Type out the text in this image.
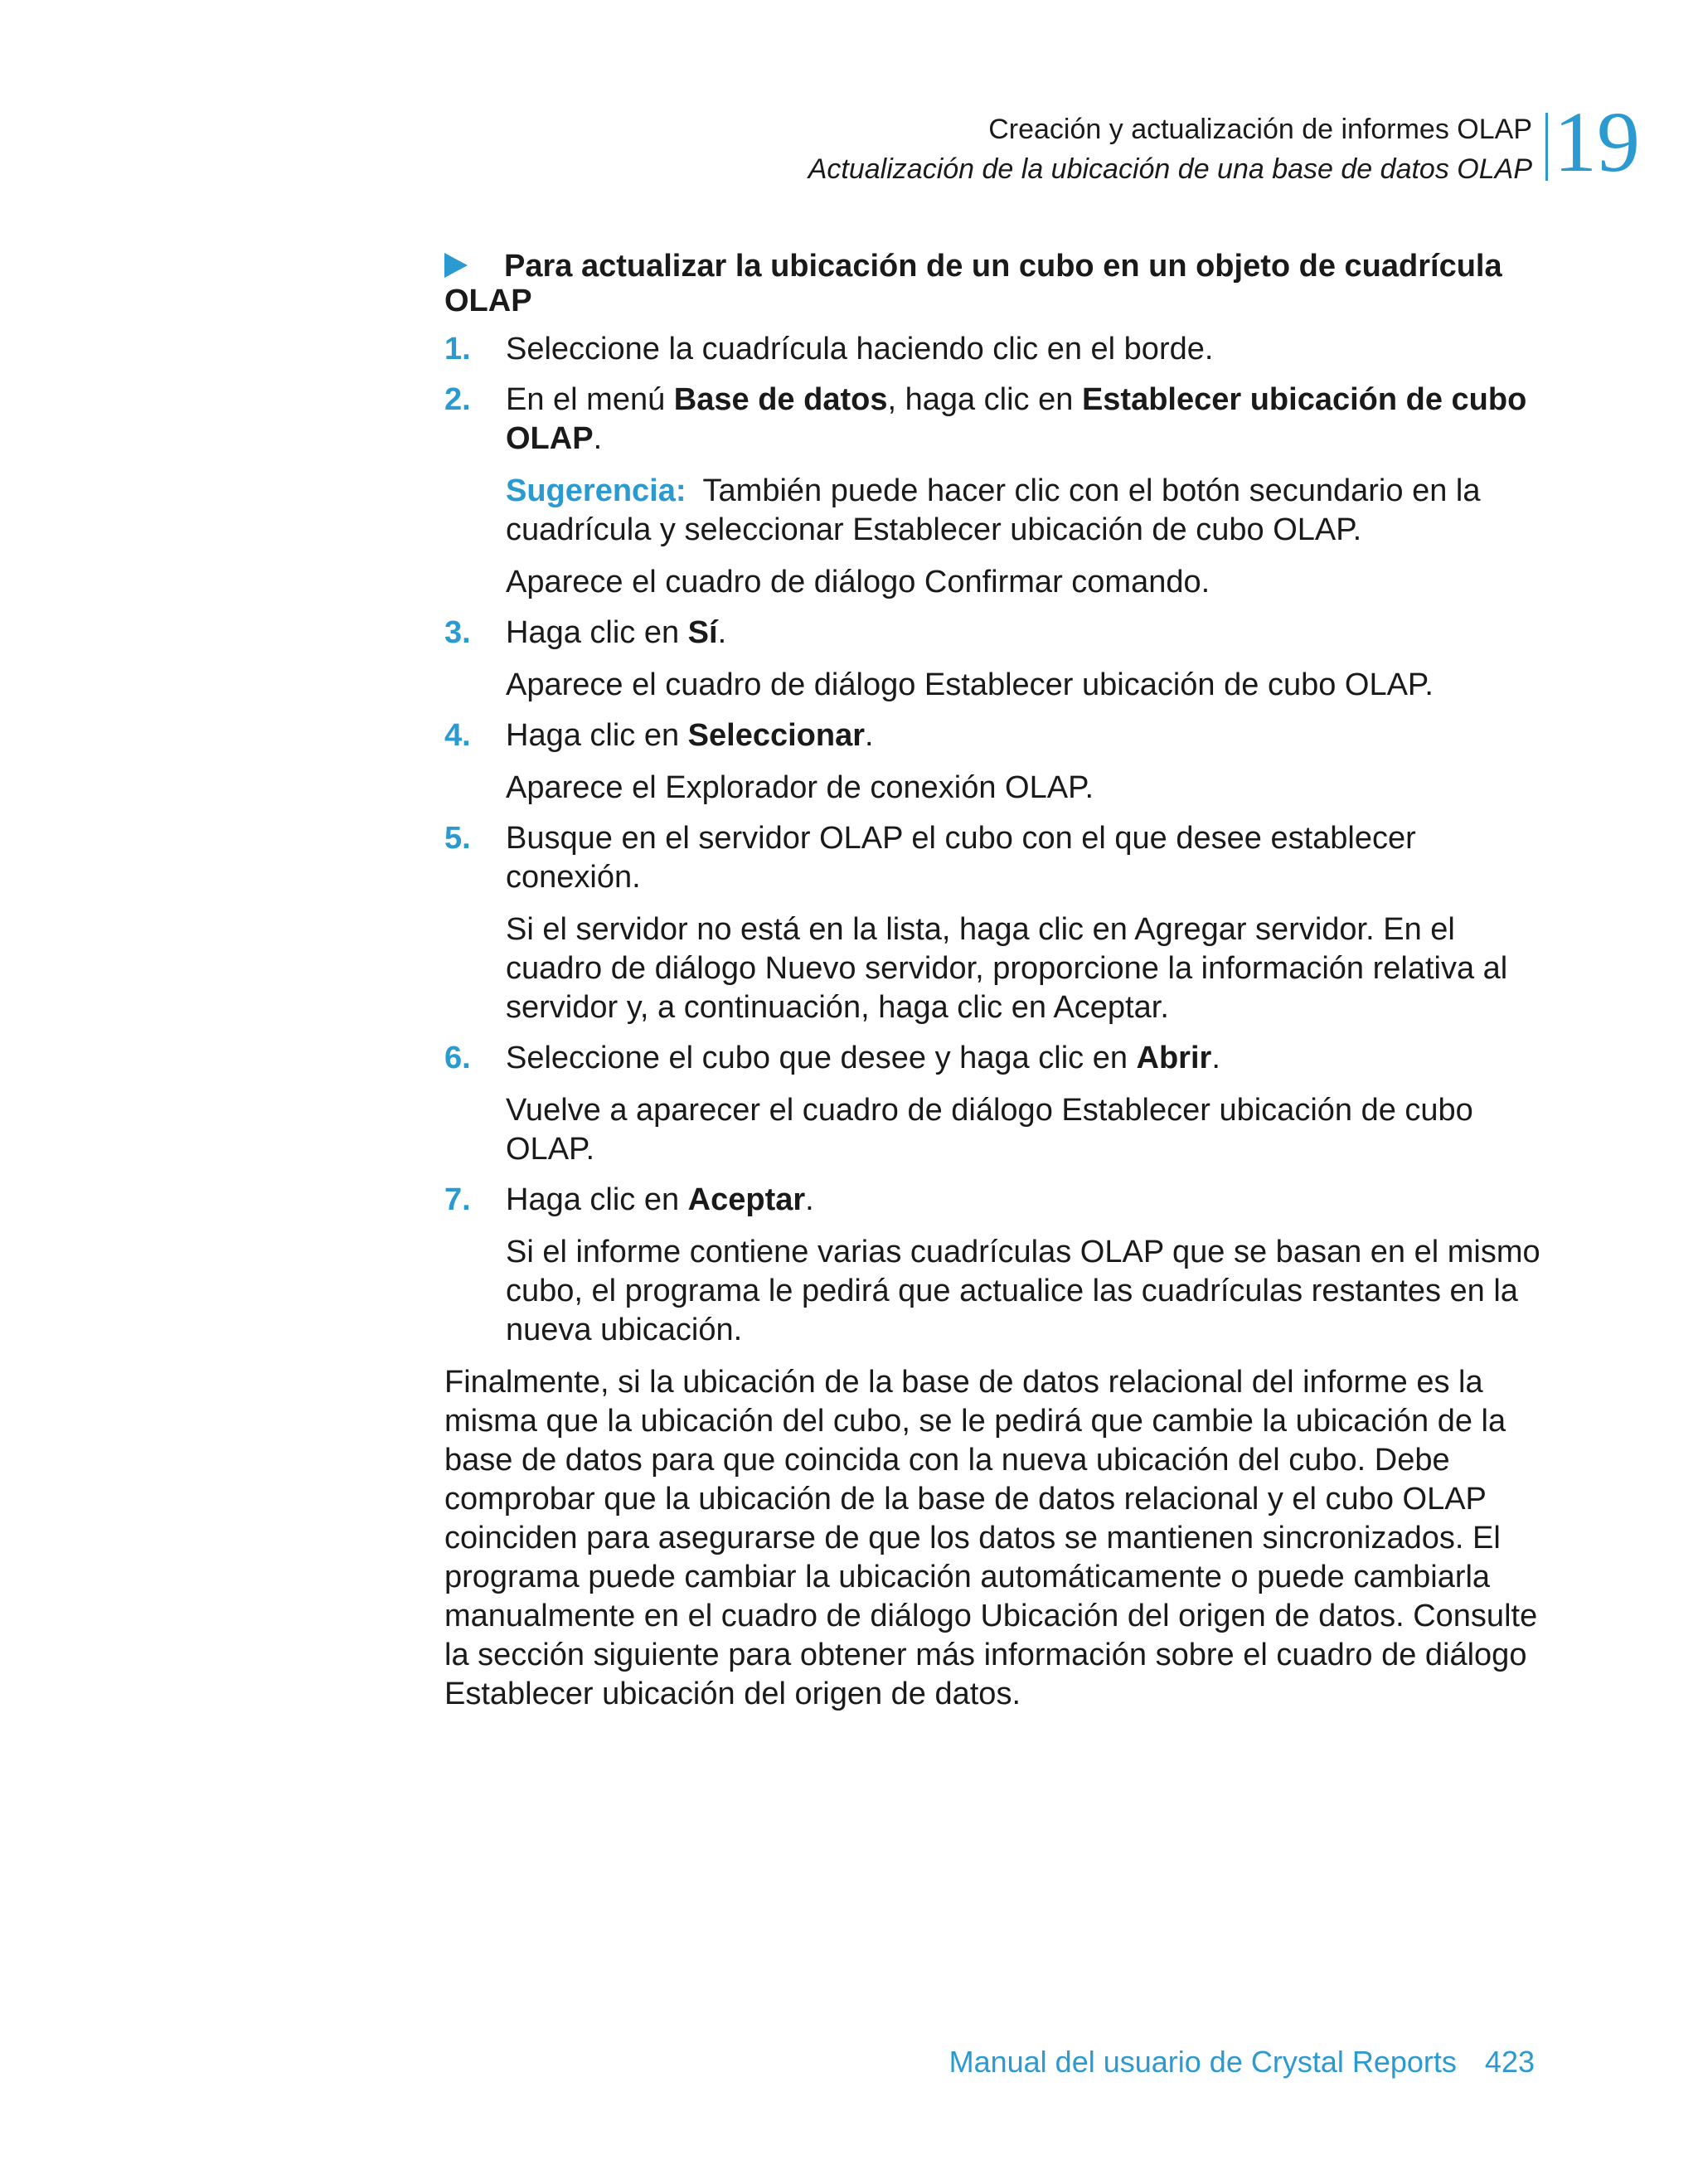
Creación y actualización de informes OLAP
Actualización de la ubicación de una base de datos OLAP 19
Para actualizar la ubicación de un cubo en un objeto de cuadrícula OLAP
1.	Seleccione la cuadrícula haciendo clic en el borde.
2.	En el menú Base de datos, haga clic en Establecer ubicación de cubo OLAP.
Sugerencia: También puede hacer clic con el botón secundario en la cuadrícula y seleccionar Establecer ubicación de cubo OLAP.
Aparece el cuadro de diálogo Confirmar comando.
3.	Haga clic en Sí.
Aparece el cuadro de diálogo Establecer ubicación de cubo OLAP.
4.	Haga clic en Seleccionar.
Aparece el Explorador de conexión OLAP.
5.	Busque en el servidor OLAP el cubo con el que desee establecer conexión.
Si el servidor no está en la lista, haga clic en Agregar servidor. En el cuadro de diálogo Nuevo servidor, proporcione la información relativa al servidor y, a continuación, haga clic en Aceptar.
6.	Seleccione el cubo que desee y haga clic en Abrir.
Vuelve a aparecer el cuadro de diálogo Establecer ubicación de cubo OLAP.
7.	Haga clic en Aceptar.
Si el informe contiene varias cuadrículas OLAP que se basan en el mismo cubo, el programa le pedirá que actualice las cuadrículas restantes en la nueva ubicación.
Finalmente, si la ubicación de la base de datos relacional del informe es la misma que la ubicación del cubo, se le pedirá que cambie la ubicación de la base de datos para que coincida con la nueva ubicación del cubo. Debe comprobar que la ubicación de la base de datos relacional y el cubo OLAP coinciden para asegurarse de que los datos se mantienen sincronizados. El programa puede cambiar la ubicación automáticamente o puede cambiarla manualmente en el cuadro de diálogo Ubicación del origen de datos. Consulte la sección siguiente para obtener más información sobre el cuadro de diálogo Establecer ubicación del origen de datos.
Manual del usuario de Crystal Reports 423
